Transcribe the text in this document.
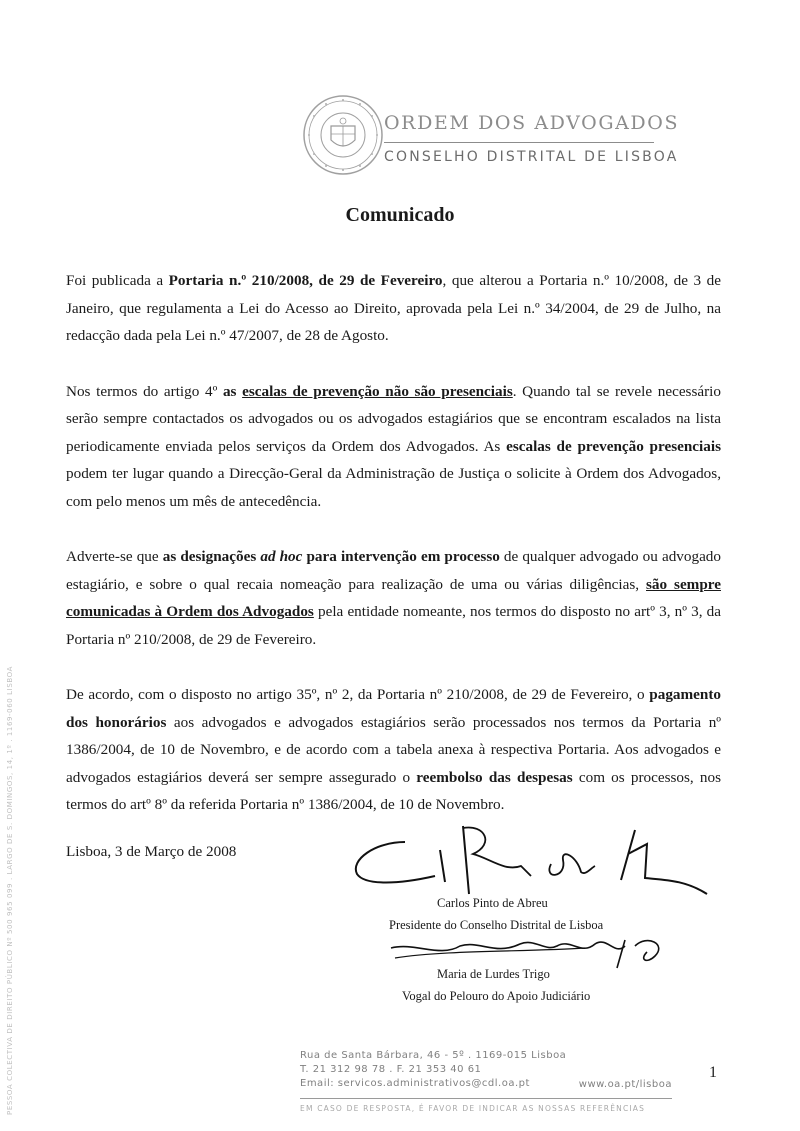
ORDEM DOS ADVOGADOS
CONSELHO DISTRITAL DE LISBOA
Comunicado

Foi publicada a Portaria n.º 210/2008, de 29 de Fevereiro, que alterou a Portaria n.º 10/2008, de 3 de Janeiro, que regulamenta a Lei do Acesso ao Direito, aprovada pela Lei n.º 34/2004, de 29 de Julho, na redacção dada pela Lei n.º 47/2007, de 28 de Agosto.

Nos termos do artigo 4º as escalas de prevenção não são presenciais. Quando tal se revele necessário serão sempre contactados os advogados ou os advogados estagiários que se encontram escalados na lista periodicamente enviada pelos serviços da Ordem dos Advogados. As escalas de prevenção presenciais podem ter lugar quando a Direcção-Geral da Administração de Justiça o solicite à Ordem dos Advogados, com pelo menos um mês de antecedência.

Adverte-se que as designações ad hoc para intervenção em processo de qualquer advogado ou advogado estagiário, e sobre o qual recaia nomeação para realização de uma ou várias diligências, são sempre comunicadas à Ordem dos Advogados pela entidade nomeante, nos termos do disposto no artº 3, nº 3, da Portaria nº 210/2008, de 29 de Fevereiro.

De acordo, com o disposto no artigo 35º, nº 2, da Portaria nº 210/2008, de 29 de Fevereiro, o pagamento dos honorários aos advogados e advogados estagiários serão processados nos termos da Portaria nº 1386/2004, de 10 de Novembro, e de acordo com a tabela anexa à respectiva Portaria. Aos advogados e advogados estagiários deverá ser sempre assegurado o reembolso das despesas com os processos, nos termos do artº 8º da referida Portaria nº 1386/2004, de 10 de Novembro.

Lisboa, 3 de Março de 2008
Carlos Pinto de Abreu
Presidente do Conselho Distrital de Lisboa
Maria de Lurdes Trigo
Vogal do Pelouro do Apoio Judiciário
PESSOA COLECTIVA DE DIREITO PÚBLICO Nº 500 965 099 . LARGO DE S. DOMINGOS, 14, 1º . 1169-060 LISBOA	Rua de Santa Bárbara, 46 - 5º . 1169-015 Lisboa
T. 21 312 98 78 . F. 21 353 40 61
Email: servicos.administrativos@cdl.oa.pt	www.oa.pt/lisboa
1
EM CASO DE RESPOSTA, É FAVOR DE INDICAR AS NOSSAS REFERÊNCIAS
